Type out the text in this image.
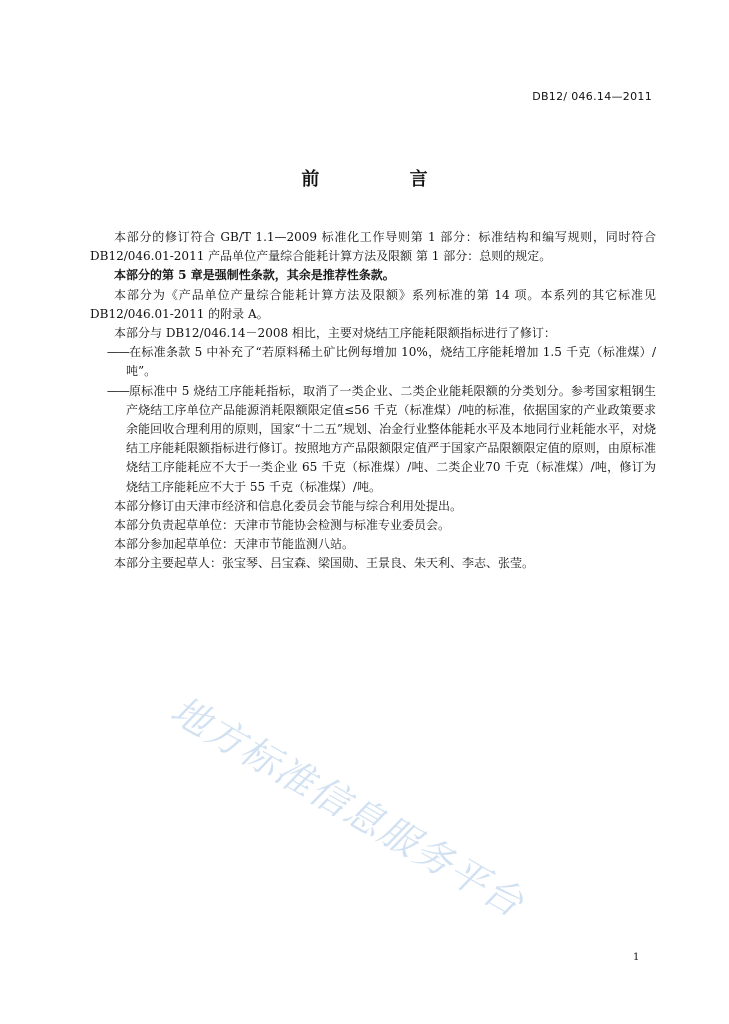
DB12/ 046.14—2011
前 言

本部分的修订符合 GB/T 1.1—2009 标准化工作导则第 1 部分：标准结构和编写规则，同时符合DB12/046.01-2011 产品单位产量综合能耗计算方法及限额 第 1 部分：总则的规定。

本部分的第 5 章是强制性条款，其余是推荐性条款。

本部分为《产品单位产量综合能耗计算方法及限额》系列标准的第 14 项。本系列的其它标准见DB12/046.01-2011 的附录 A。

本部分与 DB12/046.14－2008 相比，主要对烧结工序能耗限额指标进行了修订：

——在标准条款 5 中补充了“若原料稀土矿比例每增加 10%，烧结工序能耗增加 1.5 千克（标准煤）/吨”。

——原标准中 5 烧结工序能耗指标，取消了一类企业、二类企业能耗限额的分类划分。参考国家粗钢生产烧结工序单位产品能源消耗限额限定值≤56 千克（标准煤）/吨的标准，依据国家的产业政策要求余能回收合理利用的原则，国家“十二五”规划、冶金行业整体能耗水平及本地同行业耗能水平，对烧结工序能耗限额指标进行修订。按照地方产品限额限定值严于国家产品限额限定值的原则，由原标准烧结工序能耗应不大于一类企业 65 千克（标准煤）/吨、二类企业70 千克（标准煤）/吨，修订为烧结工序能耗应不大于 55 千克（标准煤）/吨。

本部分修订由天津市经济和信息化委员会节能与综合利用处提出。

本部分负责起草单位：天津市节能协会检测与标准专业委员会。

本部分参加起草单位：天津市节能监测八站。

本部分主要起草人：张宝琴、吕宝森、梁国勋、王景良、朱天利、李志、张莹。

地方标准信息服务平台
1
